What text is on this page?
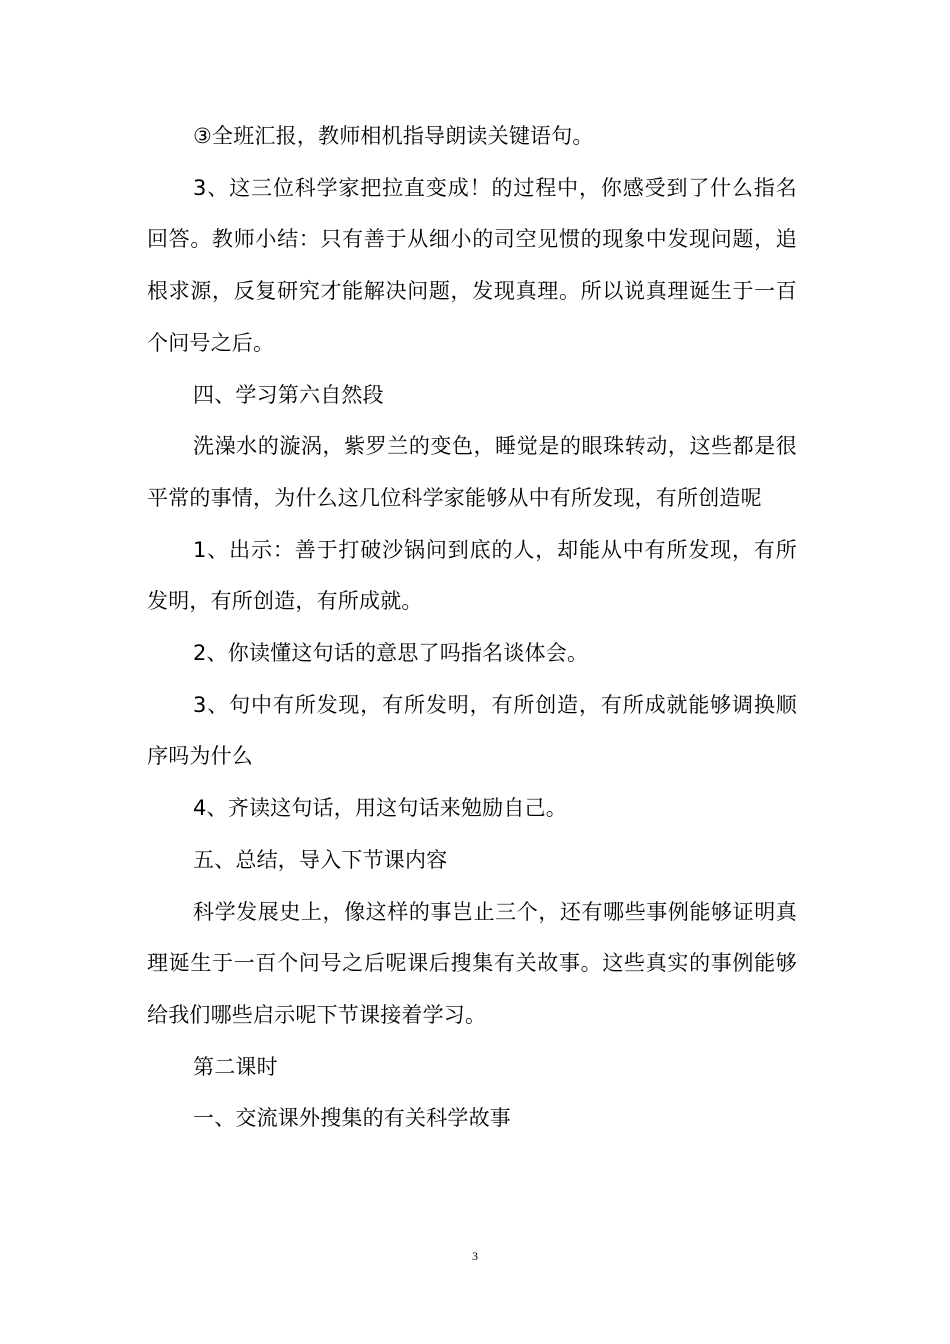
③全班汇报，教师相机指导朗读关键语句。

3、这三位科学家把拉直变成！的过程中，你感受到了什么指名回答。教师小结：只有善于从细小的司空见惯的现象中发现问题，追根求源，反复研究才能解决问题，发现真理。所以说真理诞生于一百个问号之后。

四、学习第六自然段

洗澡水的漩涡，紫罗兰的变色，睡觉是的眼珠转动，这些都是很平常的事情，为什么这几位科学家能够从中有所发现，有所创造呢

1、出示：善于打破沙锅问到底的人，却能从中有所发现，有所发明，有所创造，有所成就。

2、你读懂这句话的意思了吗指名谈体会。

3、句中有所发现，有所发明，有所创造，有所成就能够调换顺序吗为什么

4、齐读这句话，用这句话来勉励自己。

五、总结，导入下节课内容

科学发展史上，像这样的事岂止三个，还有哪些事例能够证明真理诞生于一百个问号之后呢课后搜集有关故事。这些真实的事例能够给我们哪些启示呢下节课接着学习。

第二课时

一、交流课外搜集的有关科学故事

3
